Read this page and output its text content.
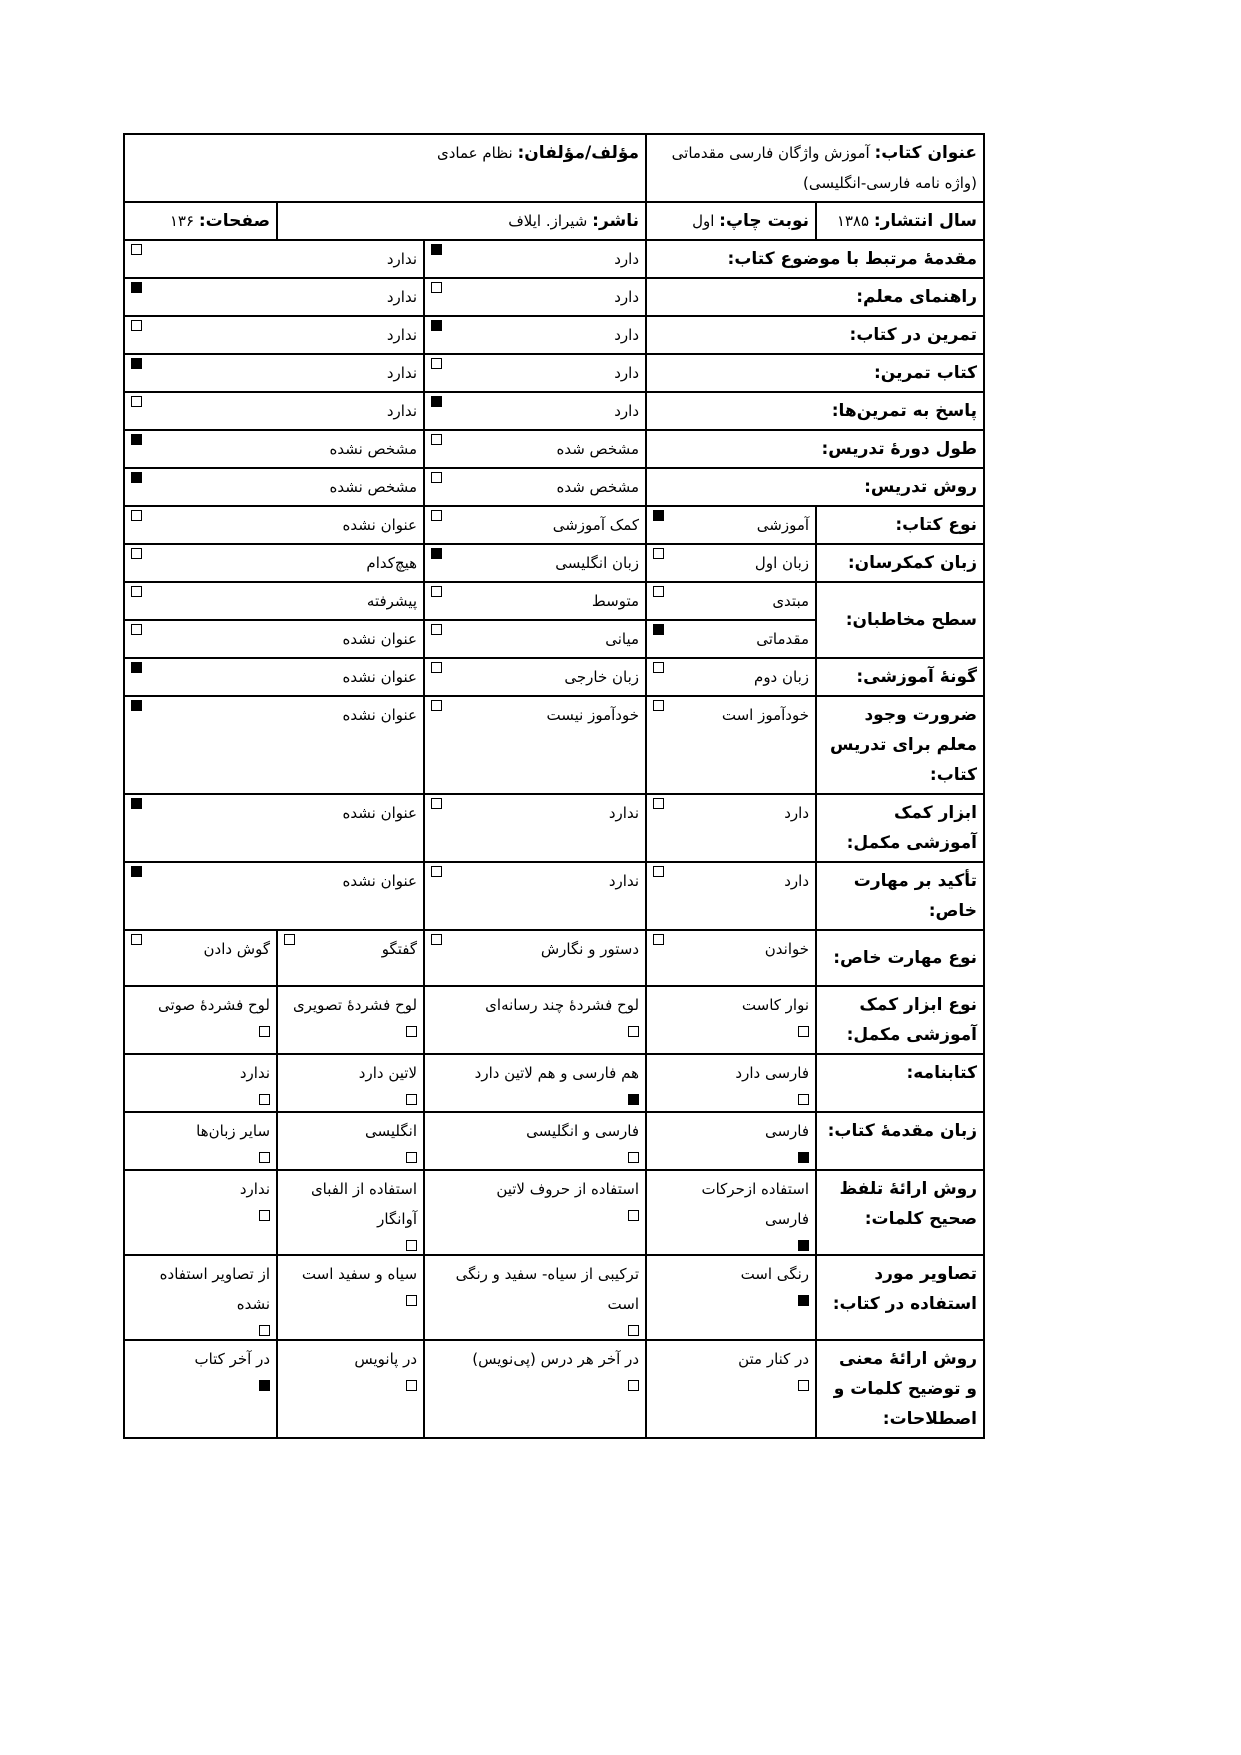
عنوان کتاب: آموزش واژگان فارسی مقدماتی (واژه نامه فارسی-انگلیسی)		مؤلف/مؤلفان: نظام عمادی		
سال انتشار: ۱۳۸۵	نوبت چاپ: اول	ناشر: شیراز. ایلاف		صفحات: ۱۳۶
مقدمهٔ مرتبط با موضوع کتاب:		دارد	ندارد	

راهنمای معلم:		دارد	ندارد	

تمرین در کتاب:		دارد	ندارد	

کتاب تمرین:		دارد	ندارد	

پاسخ به تمرین‌ها:		دارد	ندارد	

طول دورهٔ تدریس:		مشخص شده	مشخص نشده	

روش تدریس:		مشخص شده	مشخص نشده	

نوع کتاب:	آموزشی	کمک آموزشی	عنوان نشده	

زبان کمکرسان:	زبان اول	زبان انگلیسی	هیچ‌کدام	

سطح مخاطبان:	مبتدی	متوسط	پیشرفته	

	مقدماتی	میانی	عنوان نشده	

گونهٔ آموزشی:	زبان دوم	زبان خارجی	عنوان نشده	

ضرورت وجود معلم برای تدریس کتاب:	خودآموز است	خودآموز نیست	عنوان نشده	

ابزار کمک آموزشی مکمل:	دارد	ندارد	عنوان نشده	

تأکید بر مهارت خاص:	دارد	ندارد	عنوان نشده	

نوع مهارت خاص:	خواندن	دستور و نگارش	گفتگو	گوش دادن

نوع ابزار کمک آموزشی مکمل:	نوار کاست	لوح فشردهٔ چند رسانه‌ای	لوح فشردهٔ تصویری	لوح فشردهٔ صوتی

کتابنامه:	فارسی دارد	هم فارسی و هم لاتین دارد	لاتین دارد	ندارد

زبان مقدمهٔ کتاب:	فارسی	فارسی و انگلیسی	انگلیسی	سایر زبان‌ها

روش ارائهٔ تلفظ صحیح کلمات:	استفاده ازحرکات فارسی	استفاده از حروف لاتین	استفاده از الفبای آوانگار	ندارد

تصاویر مورد استفاده در کتاب:	رنگی است	ترکیبی از سیاه- سفید و رنگی است	سیاه و سفید است	از تصاویر استفاده نشده

روش ارائهٔ معنی و توضیح کلمات و اصطلاحات:	در کنار متن	در آخر هر درس (پی‌نویس)	در پانویس	در آخر کتاب
